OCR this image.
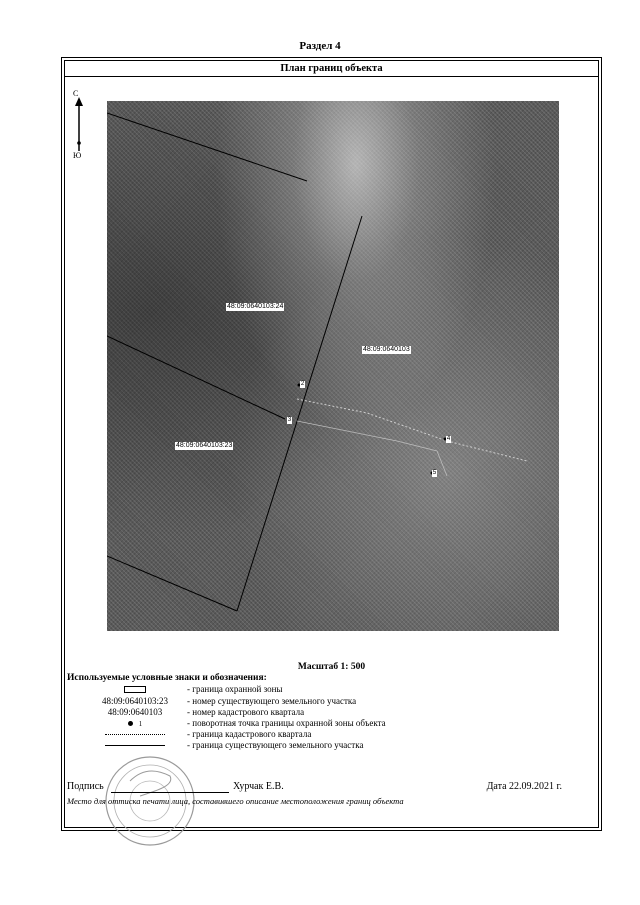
Раздел 4
План границ объекта
С
Ю
48:09:0640103:24
48:09:0640103
48:09:0640103:23
2
3
4
5
Масштаб 1: 500
Используемые условные знаки и обозначения:
- граница охранной зоны
48:09:0640103:23	- номер существующего земельного участка
48:09:0640103	- номер кадастрового квартала
1	- поворотная точка границы охранной зоны объекта
- граница кадастрового квартала
- граница существующего земельного участка
Подпись	Хурчак Е.В.	Дата 22.09.2021 г.
Место для оттиска печати лица, составившего описание местоположения границ объекта
